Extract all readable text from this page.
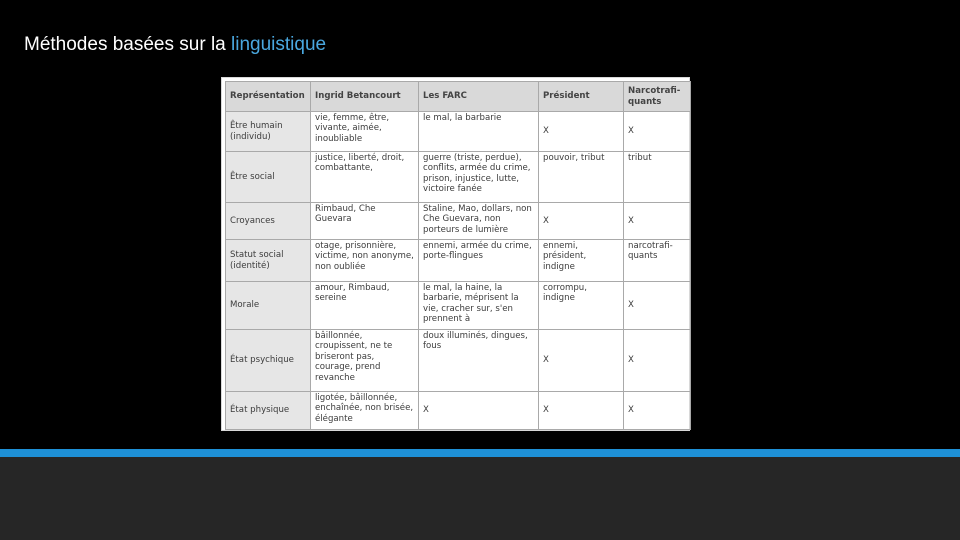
Méthodes basées sur la linguistique
Représentation	Ingrid Betancourt	Les FARC	Président	Narcotrafi-quants
Être humain (individu)	vie, femme, être, vivante, aimée, inoubliable	le mal, la barbarie	X	X
Être social	justice, liberté, droit, combattante,	guerre (triste, perdue), conflits, armée du crime, prison, injustice, lutte, victoire fanée	pouvoir, tribut	tribut
Croyances	Rimbaud, Che Guevara	Staline, Mao, dollars, non Che Guevara, non porteurs de lumière	X	X
Statut social (identité)	otage, prisonnière, victime, non anonyme, non oubliée	ennemi, armée du crime, porte-flingues	ennemi, président, indigne	narcotrafi-quants
Morale	amour, Rimbaud, sereine	le mal, la haine, la barbarie, méprisent la vie, cracher sur, s'en prennent à	corrompu, indigne	X
État psychique	bâillonnée, croupissent, ne te briseront pas, courage, prend revanche	doux illuminés, dingues, fous	X	X
État physique	ligotée, bâillonnée, enchaînée, non brisée, élégante	X	X	X
